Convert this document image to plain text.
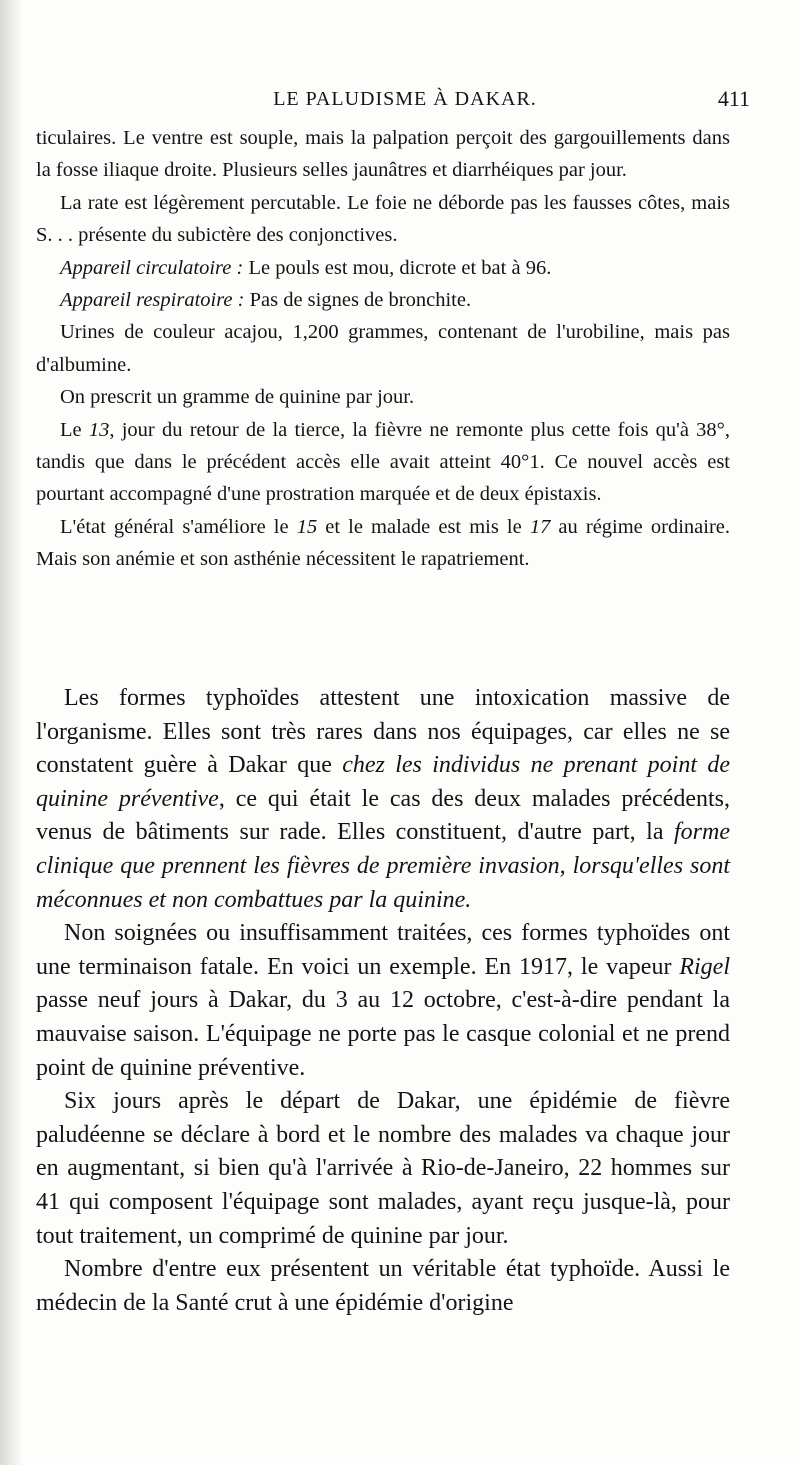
LE PALUDISME À DAKAR.	411

ticulaires. Le ventre est souple, mais la palpation perçoit des gargouillements dans la fosse iliaque droite. Plusieurs selles jaunâtres et diarrhéiques par jour.

La rate est légèrement percutable. Le foie ne déborde pas les fausses côtes, mais S. . . présente du subictère des conjonctives.

Appareil circulatoire : Le pouls est mou, dicrote et bat à 96.

Appareil respiratoire : Pas de signes de bronchite.

Urines de couleur acajou, 1,200 grammes, contenant de l'urobiline, mais pas d'albumine.

On prescrit un gramme de quinine par jour.

Le 13, jour du retour de la tierce, la fièvre ne remonte plus cette fois qu'à 38°, tandis que dans le précédent accès elle avait atteint 40°1. Ce nouvel accès est pourtant accompagné d'une prostration marquée et de deux épistaxis.

L'état général s'améliore le 15 et le malade est mis le 17 au régime ordinaire. Mais son anémie et son asthénie nécessitent le rapatriement.

Les formes typhoïdes attestent une intoxication massive de l'organisme. Elles sont très rares dans nos équipages, car elles ne se constatent guère à Dakar que chez les individus ne prenant point de quinine préventive, ce qui était le cas des deux malades précédents, venus de bâtiments sur rade. Elles constituent, d'autre part, la forme clinique que prennent les fièvres de première invasion, lorsqu'elles sont méconnues et non combattues par la quinine.

Non soignées ou insuffisamment traitées, ces formes typhoïdes ont une terminaison fatale. En voici un exemple. En 1917, le vapeur Rigel passe neuf jours à Dakar, du 3 au 12 octobre, c'est-à-dire pendant la mauvaise saison. L'équipage ne porte pas le casque colonial et ne prend point de quinine préventive.

Six jours après le départ de Dakar, une épidémie de fièvre paludéenne se déclare à bord et le nombre des malades va chaque jour en augmentant, si bien qu'à l'arrivée à Rio-de-Janeiro, 22 hommes sur 41 qui composent l'équipage sont malades, ayant reçu jusque-là, pour tout traitement, un comprimé de quinine par jour.

Nombre d'entre eux présentent un véritable état typhoïde. Aussi le médecin de la Santé crut à une épidémie d'origine
